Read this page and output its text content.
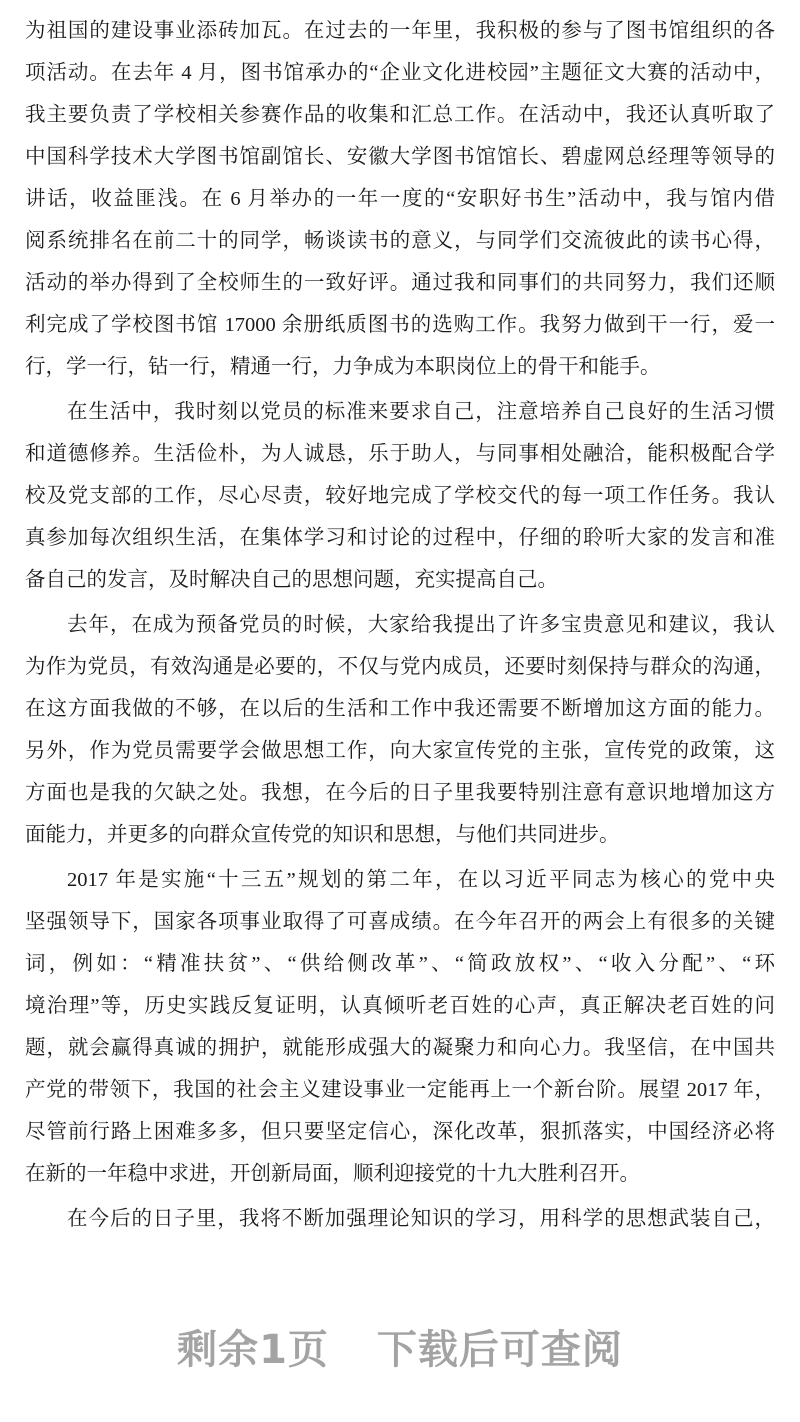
为祖国的建设事业添砖加瓦。在过去的一年里，我积极的参与了图书馆组织的各
项活动。在去年 4 月，图书馆承办的“企业文化进校园”主题征文大赛的活动中，
我主要负责了学校相关参赛作品的收集和汇总工作。在活动中，我还认真听取了
中国科学技术大学图书馆副馆长、安徽大学图书馆馆长、碧虚网总经理等领导的
讲话，收益匪浅。在 6 月举办的一年一度的“安职好书生”活动中，我与馆内借
阅系统排名在前二十的同学，畅谈读书的意义，与同学们交流彼此的读书心得，
活动的举办得到了全校师生的一致好评。通过我和同事们的共同努力，我们还顺
利完成了学校图书馆 17000 余册纸质图书的选购工作。我努力做到干一行，爱一
行，学一行，钻一行，精通一行，力争成为本职岗位上的骨干和能手。
在生活中，我时刻以党员的标准来要求自己，注意培养自己良好的生活习惯
和道德修养。生活俭朴，为人诚恳，乐于助人，与同事相处融洽，能积极配合学
校及党支部的工作，尽心尽责，较好地完成了学校交代的每一项工作任务。我认
真参加每次组织生活，在集体学习和讨论的过程中，仔细的聆听大家的发言和准
备自己的发言，及时解决自己的思想问题，充实提高自己。
去年，在成为预备党员的时候，大家给我提出了许多宝贵意见和建议，我认
为作为党员，有效沟通是必要的，不仅与党内成员，还要时刻保持与群众的沟通，
在这方面我做的不够，在以后的生活和工作中我还需要不断增加这方面的能力。
另外，作为党员需要学会做思想工作，向大家宣传党的主张，宣传党的政策，这
方面也是我的欠缺之处。我想，在今后的日子里我要特别注意有意识地增加这方
面能力，并更多的向群众宣传党的知识和思想，与他们共同进步。
2017 年是实施“十三五”规划的第二年，在以习近平同志为核心的党中央
坚强领导下，国家各项事业取得了可喜成绩。在今年召开的两会上有很多的关键
词，例如：“精准扶贫”、“供给侧改革”、“简政放权”、“收入分配”、“环
境治理”等，历史实践反复证明，认真倾听老百姓的心声，真正解决老百姓的问
题，就会赢得真诚的拥护，就能形成强大的凝聚力和向心力。我坚信，在中国共
产党的带领下，我国的社会主义建设事业一定能再上一个新台阶。展望 2017 年，
尽管前行路上困难多多，但只要坚定信心，深化改革，狠抓落实，中国经济必将
在新的一年稳中求进，开创新局面，顺利迎接党的十九大胜利召开。
在今后的日子里，我将不断加强理论知识的学习，用科学的思想武装自己，
剩余1页 下载后可查阅
